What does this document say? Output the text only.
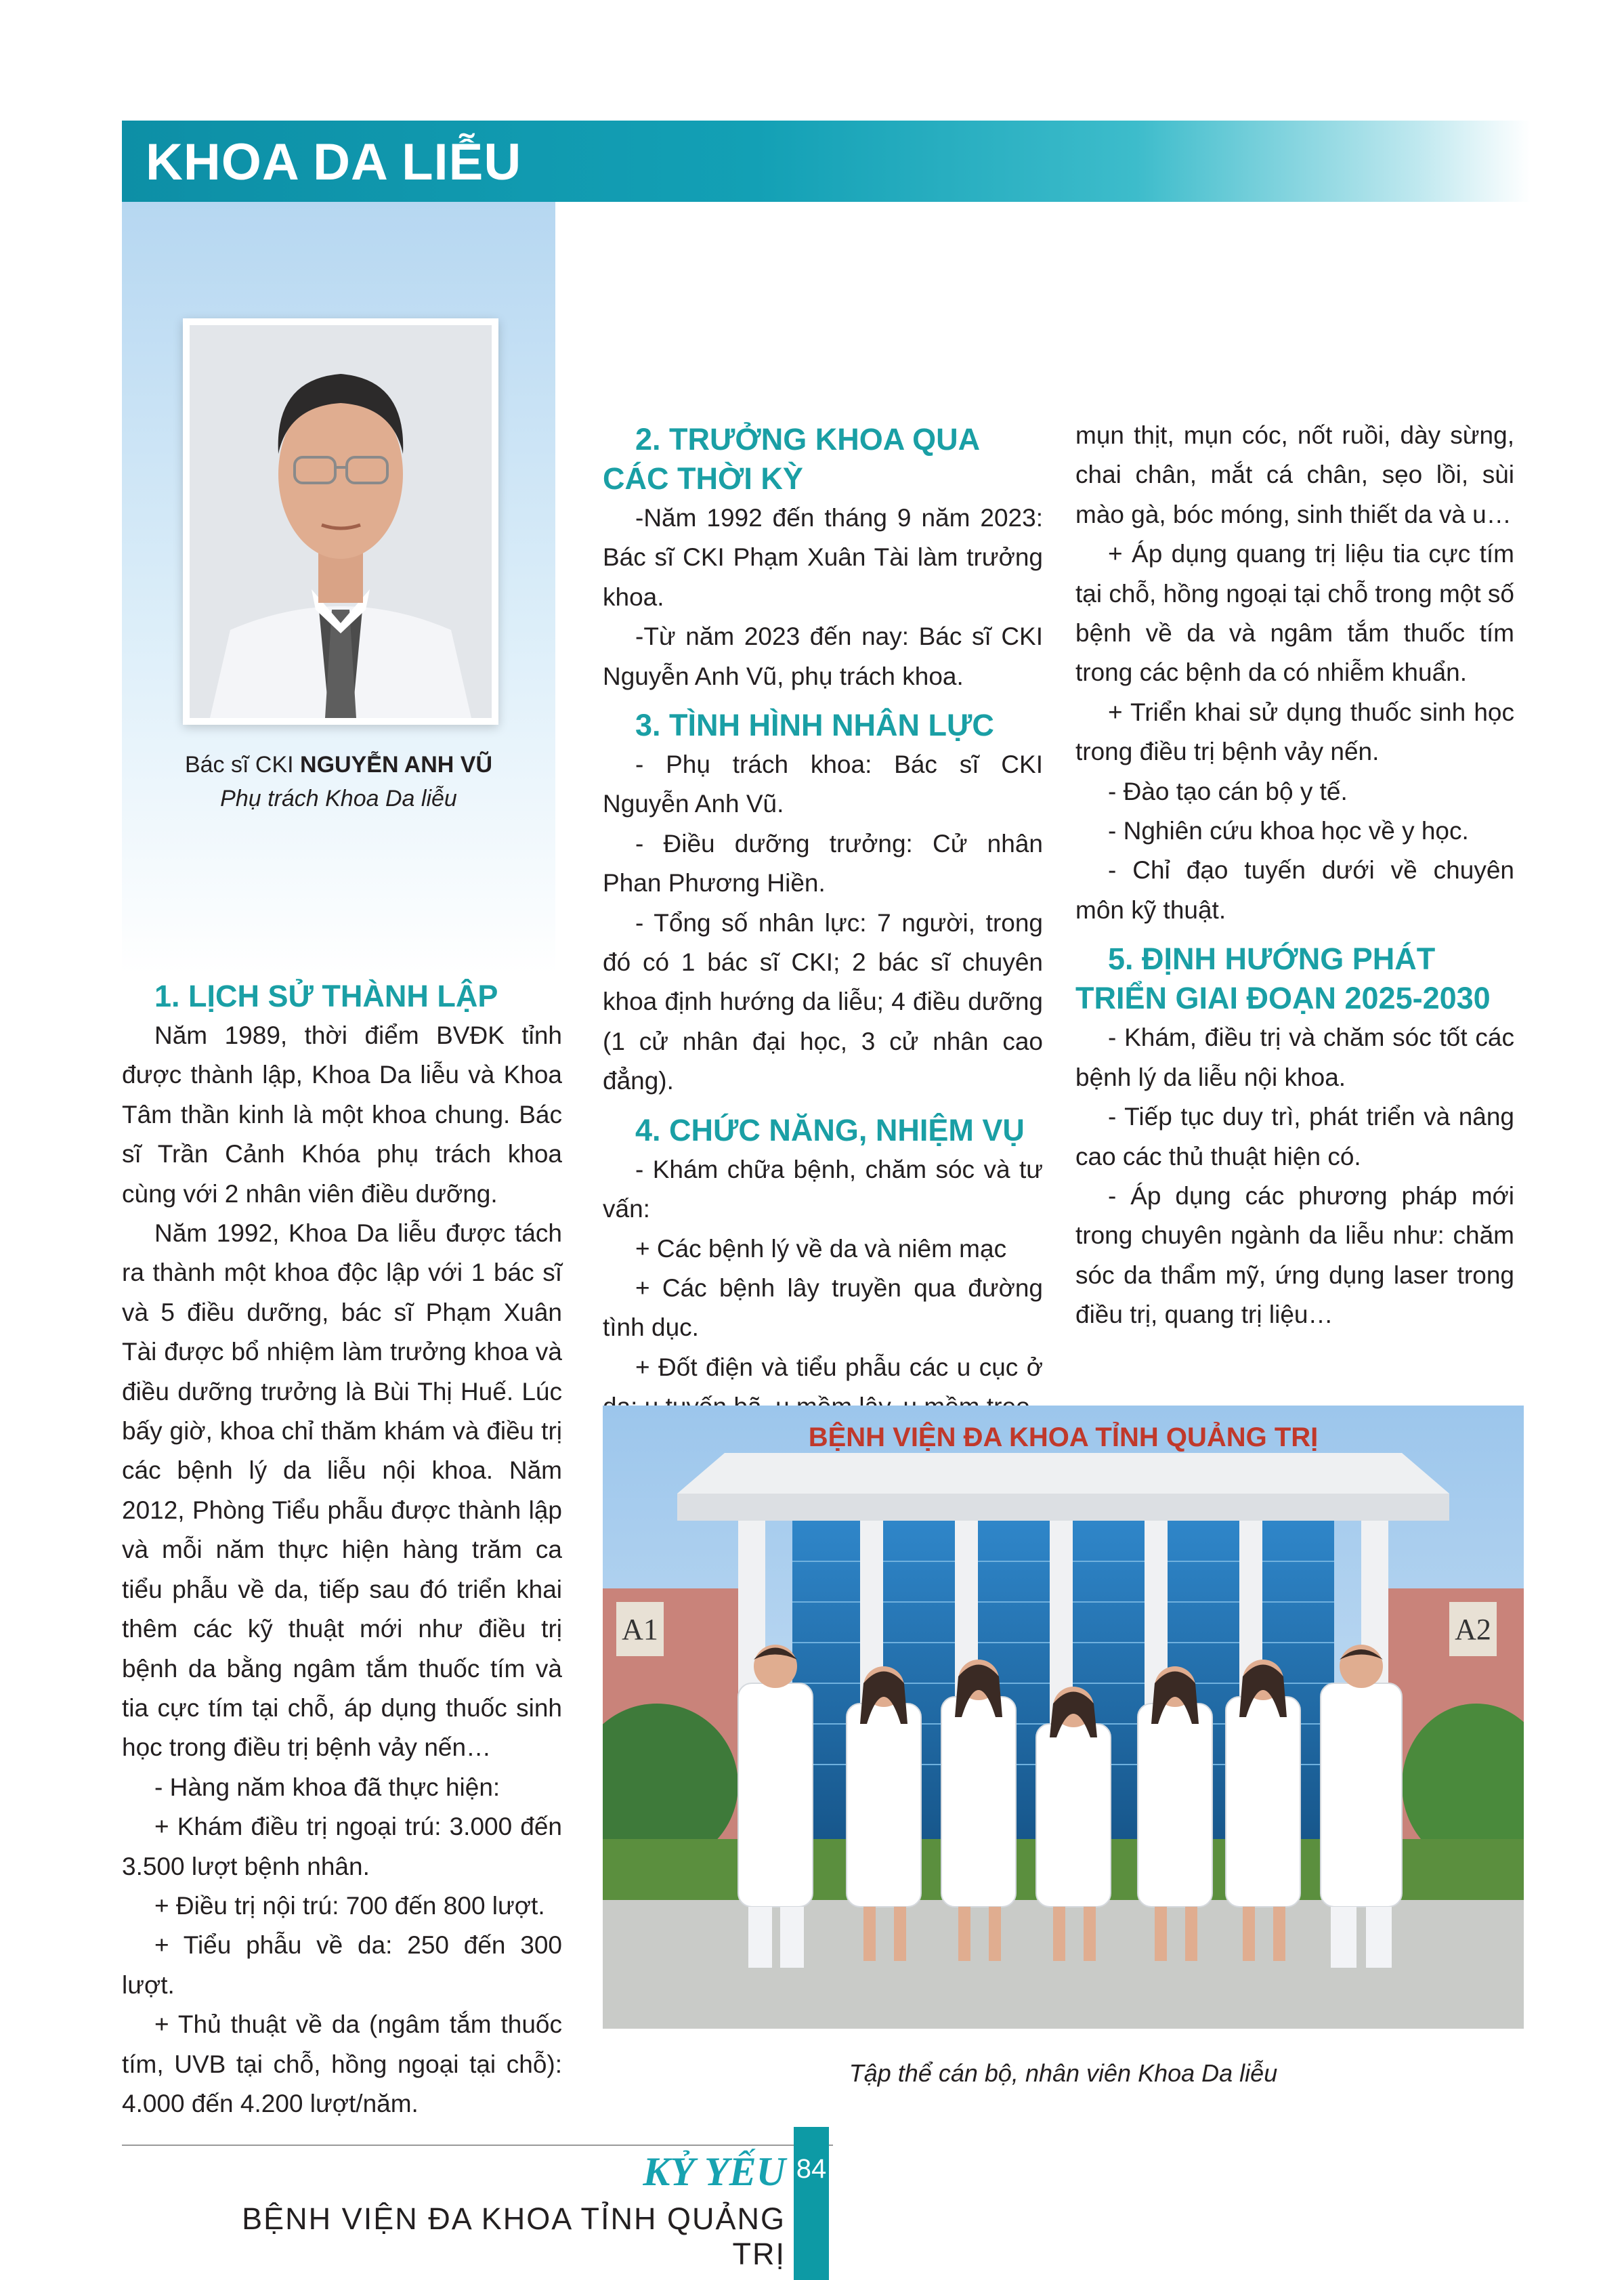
KHOA DA LIỄU
Bác sĩ CKI NGUYỄN ANH VŨ
Phụ trách Khoa Da liễu
1. LỊCH SỬ THÀNH LẬP

Năm 1989, thời điểm BVĐK tỉnh được thành lập, Khoa Da liễu và Khoa Tâm thần kinh là một khoa chung. Bác sĩ Trần Cảnh Khóa phụ trách khoa cùng với 2 nhân viên điều dưỡng.

Năm 1992, Khoa Da liễu được tách ra thành một khoa độc lập với 1 bác sĩ và 5 điều dưỡng, bác sĩ Phạm Xuân Tài được bổ nhiệm làm trưởng khoa và điều dưỡng trưởng là Bùi Thị Huế. Lúc bấy giờ, khoa chỉ thăm khám và điều trị các bệnh lý da liễu nội khoa. Năm 2012, Phòng Tiểu phẫu được thành lập và mỗi năm thực hiện hàng trăm ca tiểu phẫu về da, tiếp sau đó triển khai thêm các kỹ thuật mới như điều trị bệnh da bằng ngâm tắm thuốc tím và tia cực tím tại chỗ, áp dụng thuốc sinh học trong điều trị bệnh vảy nến…

- Hàng năm khoa đã thực hiện:

+ Khám điều trị ngoại trú: 3.000 đến 3.500 lượt bệnh nhân.

+ Điều trị nội trú: 700 đến 800 lượt.

+ Tiểu phẫu về da: 250 đến 300 lượt.

+ Thủ thuật về da (ngâm tắm thuốc tím, UVB tại chỗ, hồng ngoại tại chỗ): 4.000 đến 4.200 lượt/năm.

2. TRƯỞNG KHOA QUA CÁC THỜI KỲ

-Năm 1992 đến tháng 9 năm 2023: Bác sĩ CKI Phạm Xuân Tài làm trưởng khoa.

-Từ năm 2023 đến nay: Bác sĩ CKI Nguyễn Anh Vũ, phụ trách khoa.

3. TÌNH HÌNH NHÂN LỰC

- Phụ trách khoa: Bác sĩ CKI Nguyễn Anh Vũ.

- Điều dưỡng trưởng: Cử nhân Phan Phương Hiền.

- Tổng số nhân lực: 7 người, trong đó có 1 bác sĩ CKI; 2 bác sĩ chuyên khoa định hướng da liễu; 4 điều dưỡng (1 cử nhân đại học, 3 cử nhân cao đẳng).

4. CHỨC NĂNG, NHIỆM VỤ

- Khám chữa bệnh, chăm sóc và tư vấn:

+ Các bệnh lý về da và niêm mạc

+ Các bệnh lây truyền qua đường tình dục.

+ Đốt điện và tiểu phẫu các u cục ở

mụn thịt, mụn cóc, nốt ruồi, dày sừng, chai chân, mắt cá chân, sẹo lồi, sùi mào gà, bóc móng, sinh thiết da và u…

+ Áp dụng quang trị liệu tia cực tím tại chỗ, hồng ngoại tại chỗ trong một số bệnh về da và ngâm tắm thuốc tím trong các bệnh da có nhiễm khuẩn.

+ Triển khai sử dụng thuốc sinh học trong điều trị bệnh vảy nến.

- Đào tạo cán bộ y tế.

- Nghiên cứu khoa học về y học.

- Chỉ đạo tuyến dưới về chuyên môn kỹ thuật.

5. ĐỊNH HƯỚNG PHÁT TRIỂN GIAI ĐOẠN 2025-2030

- Khám, điều trị và chăm sóc tốt các bệnh lý da liễu nội khoa.

- Tiếp tục duy trì, phát triển và nâng cao các thủ thuật hiện có.

- Áp dụng các phương pháp mới trong chuyên ngành da liễu như: chăm sóc da thẩm mỹ, ứng dụng laser trong điều trị, quang trị liệu…

A1	A2
BỆNH VIỆN ĐA KHOA TỈNH QUẢNG TRỊ
Tập thể cán bộ, nhân viên Khoa Da liễu
KỶ YẾU
BỆNH VIỆN ĐA KHOA TỈNH QUẢNG TRỊ
84
